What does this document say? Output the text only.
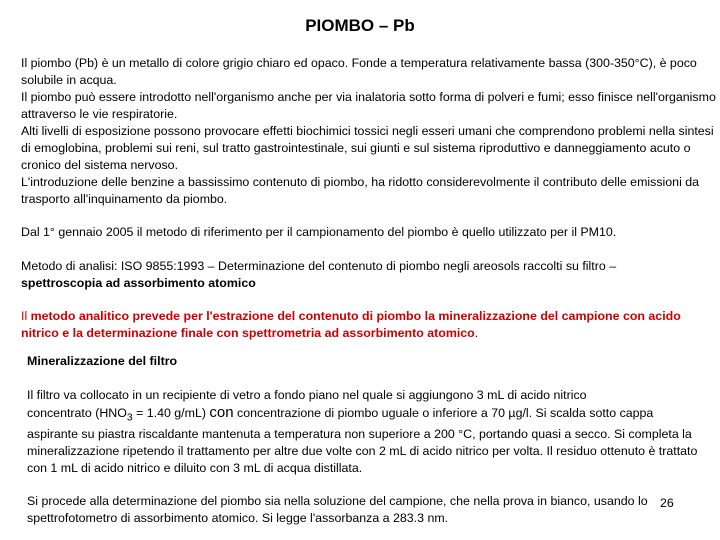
PIOMBO – Pb

Il piombo (Pb) è un metallo di colore grigio chiaro ed opaco. Fonde a temperatura relativamente bassa (300-350°C), è poco solubile in acqua.

Il piombo può essere introdotto nell'organismo anche per via inalatoria sotto forma di polveri e fumi; esso finisce nell'organismo attraverso le vie respiratorie.

Alti livelli di esposizione possono provocare effetti biochimici tossici negli esseri umani che comprendono problemi nella sintesi di emoglobina, problemi sui reni, sul tratto gastrointestinale, sui giunti e sul sistema riproduttivo e danneggiamento acuto o cronico del sistema nervoso.

L'introduzione delle benzine a bassissimo contenuto di piombo, ha ridotto considerevolmente il contributo delle emissioni da trasporto all'inquinamento da piombo.

Dal 1° gennaio 2005 il metodo di riferimento per il campionamento del piombo è quello utilizzato per il PM10.

Metodo di analisi: ISO 9855:1993 – Determinazione del contenuto di piombo negli areosols raccolti su filtro –

spettroscopia ad assorbimento atomico

Il metodo analitico prevede per l'estrazione del contenuto di piombo la mineralizzazione del campione con acido nitrico e la determinazione finale con spettrometria ad assorbimento atomico.
Mineralizzazione del filtro

Il filtro va collocato in un recipiente di vetro a fondo piano nel quale si aggiungono 3 mL di acido nitrico

concentrato ($HNO_3 = 1.40$ g/mL) con concentrazione di piombo uguale o inferiore a 70 µg/l. Si scalda sotto cappa aspirante su piastra riscaldante mantenuta a temperatura non superiore a 200 °C, portando quasi a secco. Si completa la mineralizzazione ripetendo il trattamento per altre due volte con 2 mL di acido nitrico per volta. Il residuo ottenuto è trattato con 1 mL di acido nitrico e diluito con 3 mL di acqua distillata.

Si procede alla determinazione del piombo sia nella soluzione del campione, che nella prova in bianco, usando lo spettrofotometro di assorbimento atomico. Si legge l'assorbanza a 283.3 nm.
26
